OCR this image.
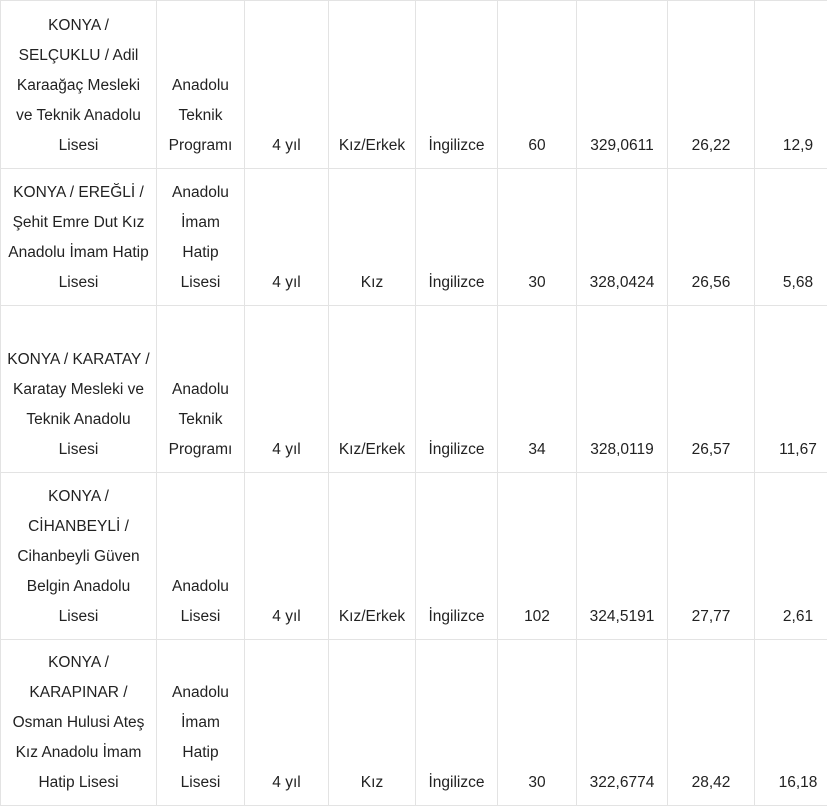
KONYA / SELÇUKLU / Adil Karaağaç Mesleki ve Teknik Anadolu Lisesi	Anadolu Teknik Programı	4 yıl	Kız/Erkek	İngilizce	60	329,0611	26,22	12,9

KONYA / EREĞLİ / Şehit Emre Dut Kız Anadolu İmam Hatip Lisesi	Anadolu İmam Hatip Lisesi	4 yıl	Kız	İngilizce	30	328,0424	26,56	5,68

KONYA / KARATAY / Karatay Mesleki ve Teknik Anadolu Lisesi	Anadolu Teknik Programı	4 yıl	Kız/Erkek	İngilizce	34	328,0119	26,57	11,67

KONYA / CİHANBEYLİ / Cihanbeyli Güven Belgin Anadolu Lisesi	Anadolu Lisesi	4 yıl	Kız/Erkek	İngilizce	102	324,5191	27,77	2,61

KONYA / KARAPINAR / Osman Hulusi Ateş Kız Anadolu İmam Hatip Lisesi	Anadolu İmam Hatip Lisesi	4 yıl	Kız	İngilizce	30	322,6774	28,42	16,18
